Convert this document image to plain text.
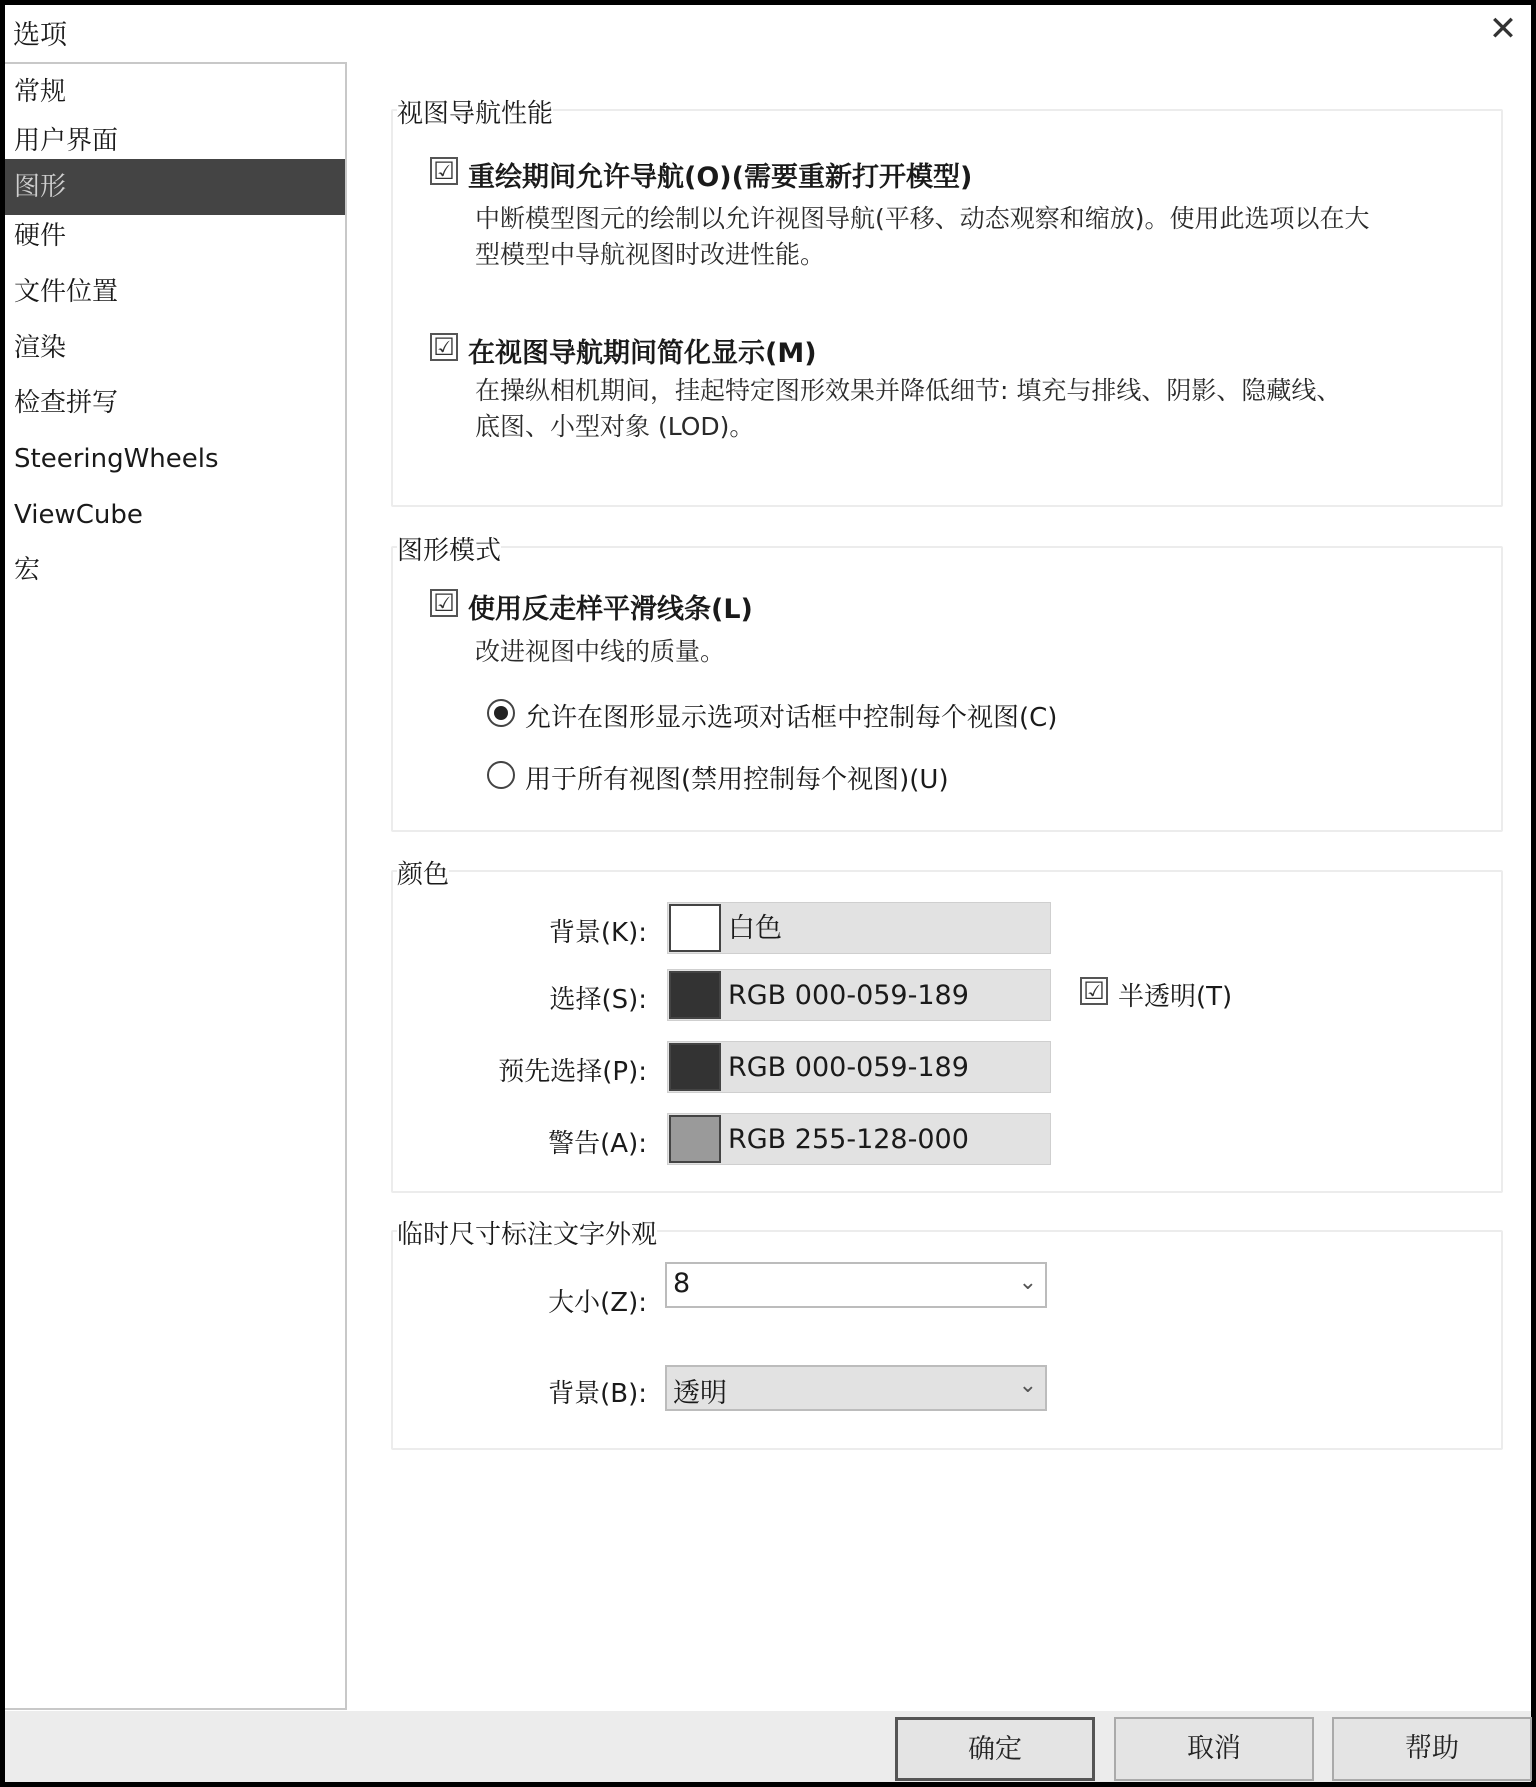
选项	✕
常规
用户界面
图形
硬件
文件位置
渲染
检查拼写
SteeringWheels
ViewCube
宏
视图导航性能
☑ 重绘期间允许导航(O)(需要重新打开模型)
中断模型图元的绘制以允许视图导航(平移、动态观察和缩放)。使用此选项以在大
型模型中导航视图时改进性能。
☑ 在视图导航期间简化显示(M)
在操纵相机期间，挂起特定图形效果并降低细节: 填充与排线、阴影、隐藏线、
底图、小型对象 (LOD)。
图形模式
☑ 使用反走样平滑线条(L)
改进视图中线的质量。
允许在图形显示选项对话框中控制每个视图(C)
用于所有视图(禁用控制每个视图)(U)
颜色
背景(K):	白色
选择(S):	RGB 000-059-189	☑ 半透明(T)
预先选择(P):	RGB 000-059-189
警告(A):	RGB 255-128-000
临时尺寸标注文字外观
大小(Z):
8	⌄
背景(B): 透明	⌄
确定	取消	帮助
